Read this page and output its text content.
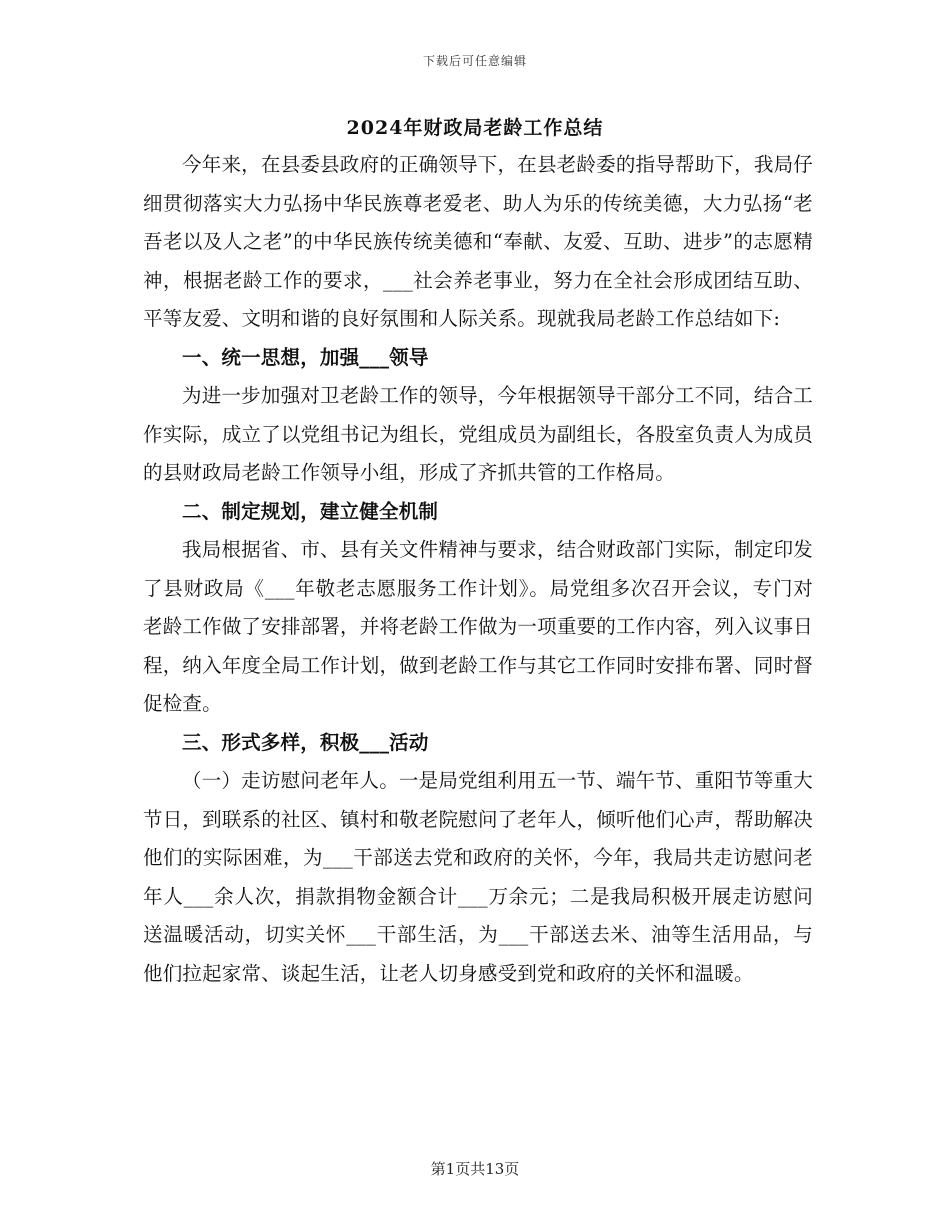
下载后可任意编辑
2024年财政局老龄工作总结

今年来，在县委县政府的正确领导下，在县老龄委的指导帮助下，我局仔细贯彻落实大力弘扬中华民族尊老爱老、助人为乐的传统美德，大力弘扬“老吾老以及人之老”的中华民族传统美德和“奉献、友爱、互助、进步”的志愿精神，根据老龄工作的要求，___社会养老事业，努力在全社会形成团结互助、平等友爱、文明和谐的良好氛围和人际关系。现就我局老龄工作总结如下:

一、统一思想，加强___领导

为进一步加强对卫老龄工作的领导，今年根据领导干部分工不同，结合工作实际，成立了以党组书记为组长，党组成员为副组长，各股室负责人为成员的县财政局老龄工作领导小组，形成了齐抓共管的工作格局。

二、制定规划，建立健全机制

我局根据省、市、县有关文件精神与要求，结合财政部门实际，制定印发了县财政局《___年敬老志愿服务工作计划》。局党组多次召开会议，专门对老龄工作做了安排部署，并将老龄工作做为一项重要的工作内容，列入议事日程，纳入年度全局工作计划，做到老龄工作与其它工作同时安排布署、同时督促检查。

三、形式多样，积极___活动

（一）走访慰问老年人。一是局党组利用五一节、端午节、重阳节等重大节日，到联系的社区、镇村和敬老院慰问了老年人，倾听他们心声，帮助解决他们的实际困难，为___干部送去党和政府的关怀，今年，我局共走访慰问老年人___余人次，捐款捐物金额合计___万余元；二是我局积极开展走访慰问送温暖活动，切实关怀___干部生活，为___干部送去米、油等生活用品，与他们拉起家常、谈起生活，让老人切身感受到党和政府的关怀和温暖。

第1页共13页
